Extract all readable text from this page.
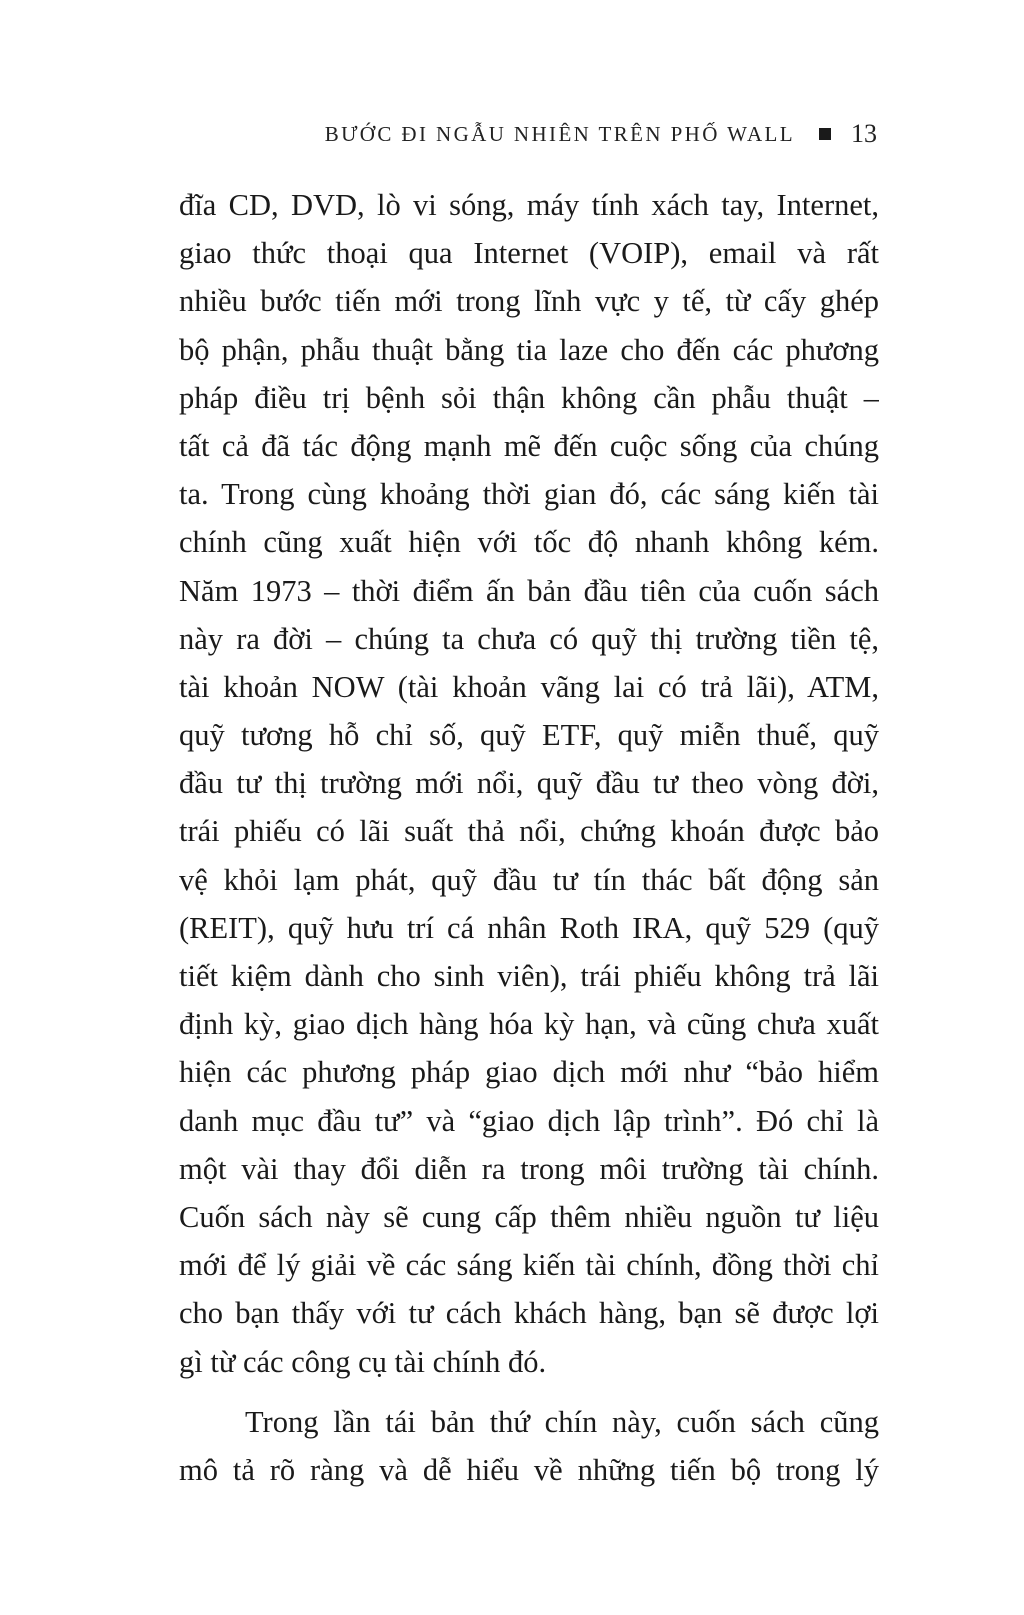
BƯỚC ĐI NGẪU NHIÊN TRÊN PHỐ WALL 13
đĩa CD, DVD, lò vi sóng, máy tính xách tay, Internet,
giao thức thoại qua Internet (VOIP), email và rất
nhiều bước tiến mới trong lĩnh vực y tế, từ cấy ghép
bộ phận, phẫu thuật bằng tia laze cho đến các phương
pháp điều trị bệnh sỏi thận không cần phẫu thuật –
tất cả đã tác động mạnh mẽ đến cuộc sống của chúng
ta. Trong cùng khoảng thời gian đó, các sáng kiến tài
chính cũng xuất hiện với tốc độ nhanh không kém.
Năm 1973 – thời điểm ấn bản đầu tiên của cuốn sách
này ra đời – chúng ta chưa có quỹ thị trường tiền tệ,
tài khoản NOW (tài khoản vãng lai có trả lãi), ATM,
quỹ tương hỗ chỉ số, quỹ ETF, quỹ miễn thuế, quỹ
đầu tư thị trường mới nổi, quỹ đầu tư theo vòng đời,
trái phiếu có lãi suất thả nổi, chứng khoán được bảo
vệ khỏi lạm phát, quỹ đầu tư tín thác bất động sản
(REIT), quỹ hưu trí cá nhân Roth IRA, quỹ 529 (quỹ
tiết kiệm dành cho sinh viên), trái phiếu không trả lãi
định kỳ, giao dịch hàng hóa kỳ hạn, và cũng chưa xuất
hiện các phương pháp giao dịch mới như “bảo hiểm
danh mục đầu tư” và “giao dịch lập trình”. Đó chỉ là
một vài thay đổi diễn ra trong môi trường tài chính.
Cuốn sách này sẽ cung cấp thêm nhiều nguồn tư liệu
mới để lý giải về các sáng kiến tài chính, đồng thời chỉ
cho bạn thấy với tư cách khách hàng, bạn sẽ được lợi
gì từ các công cụ tài chính đó.
Trong lần tái bản thứ chín này, cuốn sách cũng
mô tả rõ ràng và dễ hiểu về những tiến bộ trong lý
